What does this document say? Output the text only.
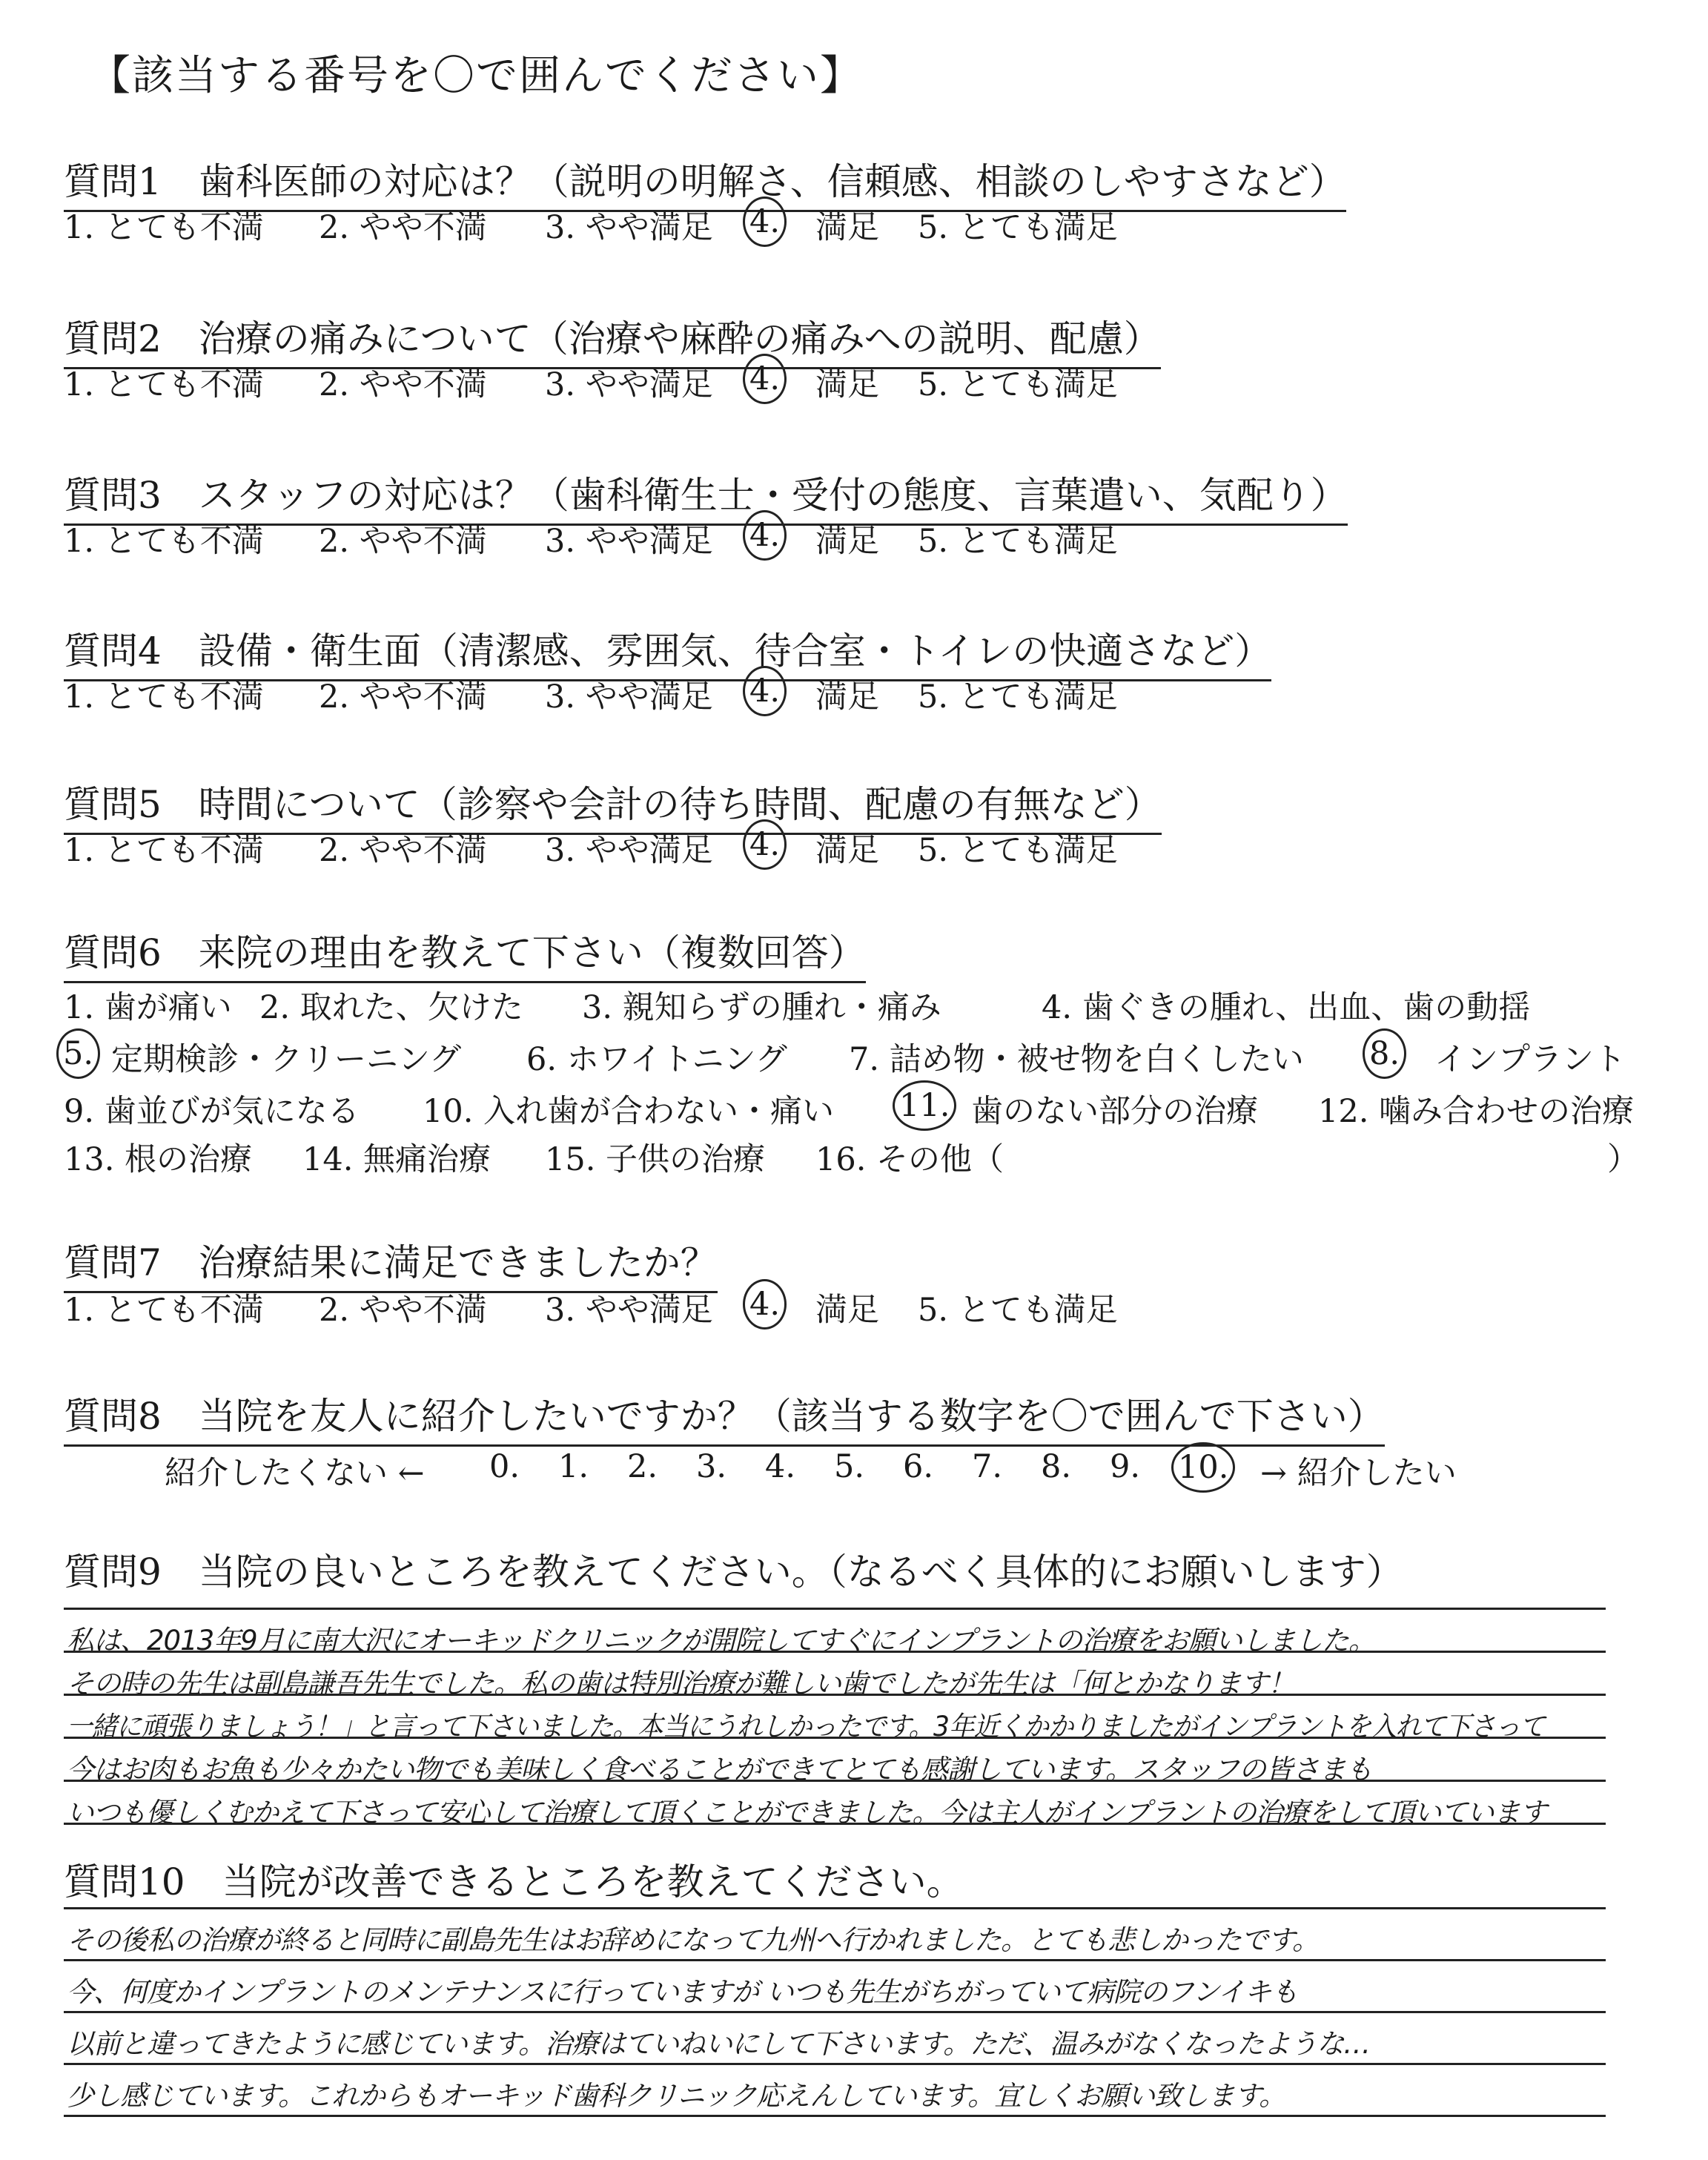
【該当する番号を〇で囲んでください】
質問1　歯科医師の対応は？（説明の明解さ、信頼感、相談のしやすさなど）
1. とても不満 2. やや不満 3. やや満足 4. 満足 5. とても満足
質問2　治療の痛みについて（治療や麻酔の痛みへの説明、配慮）
1. とても不満 2. やや不満 3. やや満足 4. 満足 5. とても満足
質問3　スタッフの対応は？（歯科衛生士・受付の態度、言葉遣い、気配り）
1. とても不満 2. やや不満 3. やや満足 4. 満足 5. とても満足
質問4　設備・衛生面（清潔感、雰囲気、待合室・トイレの快適さなど）
1. とても不満 2. やや不満 3. やや満足 4. 満足 5. とても満足
質問5　時間について（診察や会計の待ち時間、配慮の有無など）
1. とても不満 2. やや不満 3. やや満足 4. 満足 5. とても満足
質問6　来院の理由を教えて下さい（複数回答）
1. 歯が痛い 2. 取れた、欠けた 3. 親知らずの腫れ・痛み	4. 歯ぐきの腫れ、出血、歯の動揺
5. 定期検診・クリーニング 6. ホワイトニング 7. 詰め物・被せ物を白くしたい 8. インプラント
9. 歯並びが気になる 10. 入れ歯が合わない・痛い 11. 歯のない部分の治療 12. 噛み合わせの治療
13. 根の治療 14. 無痛治療 15. 子供の治療 16. その他（	）
質問7　治療結果に満足できましたか？
1. とても不満 2. やや不満 3. やや満足 4. 満足 5. とても満足
質問8　当院を友人に紹介したいですか？（該当する数字を〇で囲んで下さい）
紹介したくない ← 0. 1. 2. 3. 4. 5. 6. 7. 8. 9. 10. → 紹介したい
質問9　当院の良いところを教えてください。（なるべく具体的にお願いします）
私は、2013年9月に南大沢にオーキッドクリニックが開院してすぐにインプラントの治療をお願いしました。
その時の先生は副島謙吾先生でした。私の歯は特別治療が難しい歯でしたが先生は「何とかなります！
一緒に頑張りましょう！」と言って下さいました。本当にうれしかったです。3年近くかかりましたがインプラントを入れて下さって
今はお肉もお魚も少々かたい物でも美味しく食べることができてとても感謝しています。スタッフの皆さまも
いつも優しくむかえて下さって安心して治療して頂くことができました。今は主人がインプラントの治療をして頂いています
質問10　当院が改善できるところを教えてください。
その後私の治療が終ると同時に副島先生はお辞めになって九州へ行かれました。とても悲しかったです。
今、何度かインプラントのメンテナンスに行っていますが いつも先生がちがっていて病院のフンイキも
以前と違ってきたように感じています。治療はていねいにして下さいます。ただ、温みがなくなったような…
少し感じています。これからもオーキッド歯科クリニック応えんしています。宜しくお願い致します。
